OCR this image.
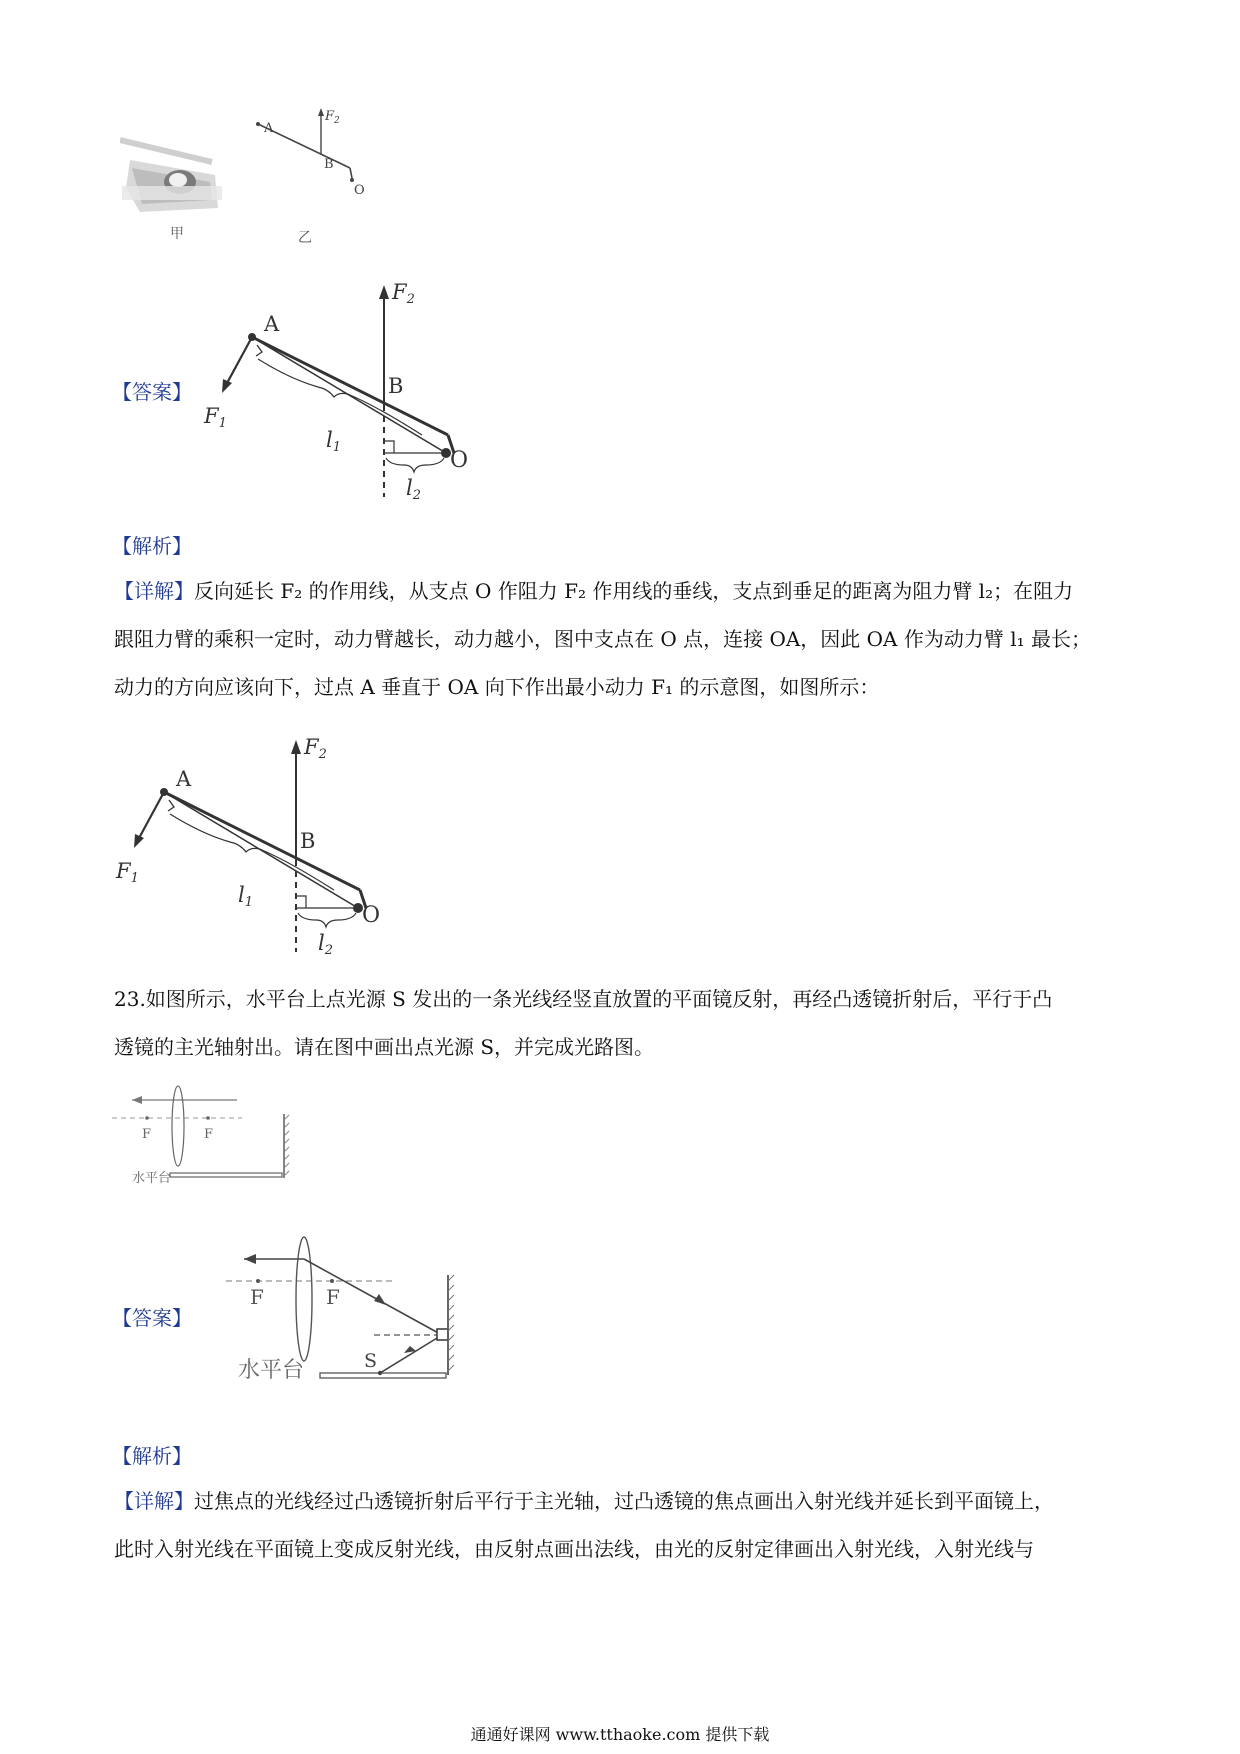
甲
A
B
O
$F_2$
乙
【答案】
A
B
O
F1
F2
l1
l2
【解析】
【详解】反向延长 F₂ 的作用线，从支点 O 作阻力 F₂ 作用线的垂线，支点到垂足的距离为阻力臂 l₂；在阻力
跟阻力臂的乘积一定时，动力臂越长，动力越小，图中支点在 O 点，连接 OA，因此 OA 作为动力臂 l₁ 最长；
动力的方向应该向下，过点 A 垂直于 OA 向下作出最小动力 F₁ 的示意图，如图所示：
A
B
O
F1
F2
l1
l2
23.如图所示，水平台上点光源 S 发出的一条光线经竖直放置的平面镜反射，再经凸透镜折射后，平行于凸
透镜的主光轴射出。请在图中画出点光源 S，并完成光路图。
F	F
水平台
【答案】
F	F
S
水平台
【解析】
【详解】过焦点的光线经过凸透镜折射后平行于主光轴，过凸透镜的焦点画出入射光线并延长到平面镜上，
此时入射光线在平面镜上变成反射光线，由反射点画出法线，由光的反射定律画出入射光线，入射光线与
通通好课网 www.tthaoke.com 提供下载
